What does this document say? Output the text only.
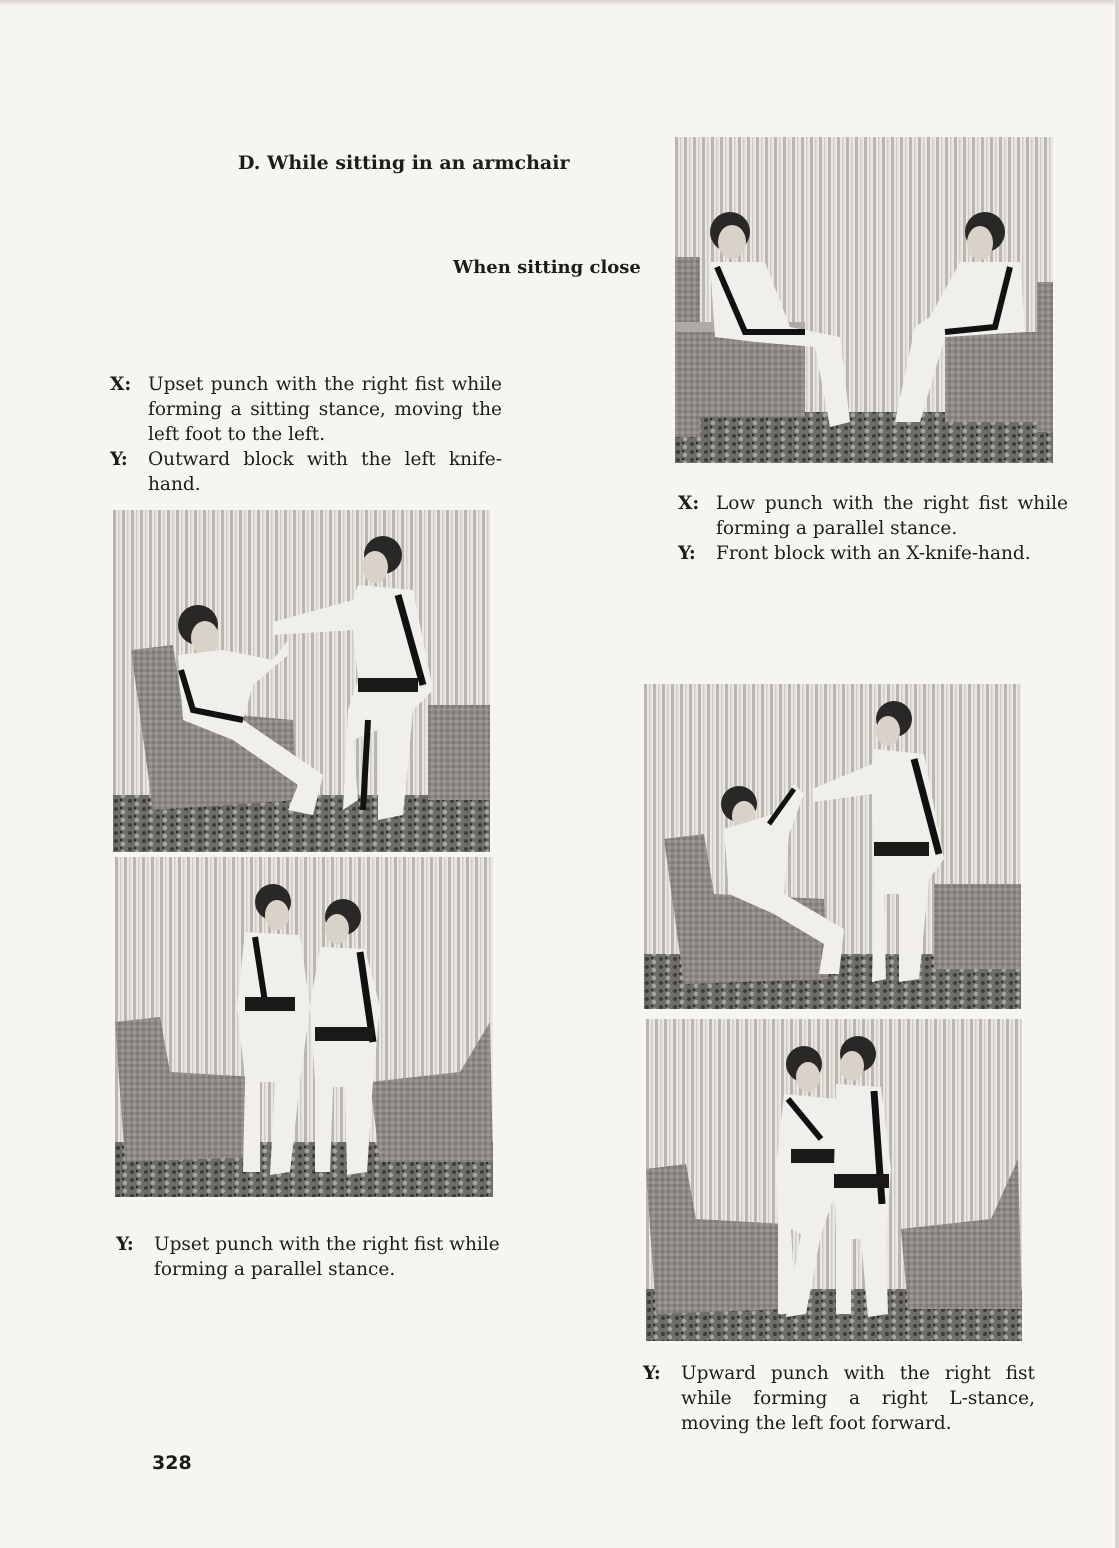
D. While sitting in an armchair
When sitting close
X: Upset punch with the right fist while forming a sitting stance, moving the left foot to the left.
Y:	Outward block with the left knife-hand.
X: Low punch with the right fist while forming a parallel stance.
Y:	Front block with an X-knife-hand.
Y:	Upset punch with the right fist while forming a parallel stance.
Y:	Upward punch with the right fist while forming a right L-stance, moving the left foot forward.
328
